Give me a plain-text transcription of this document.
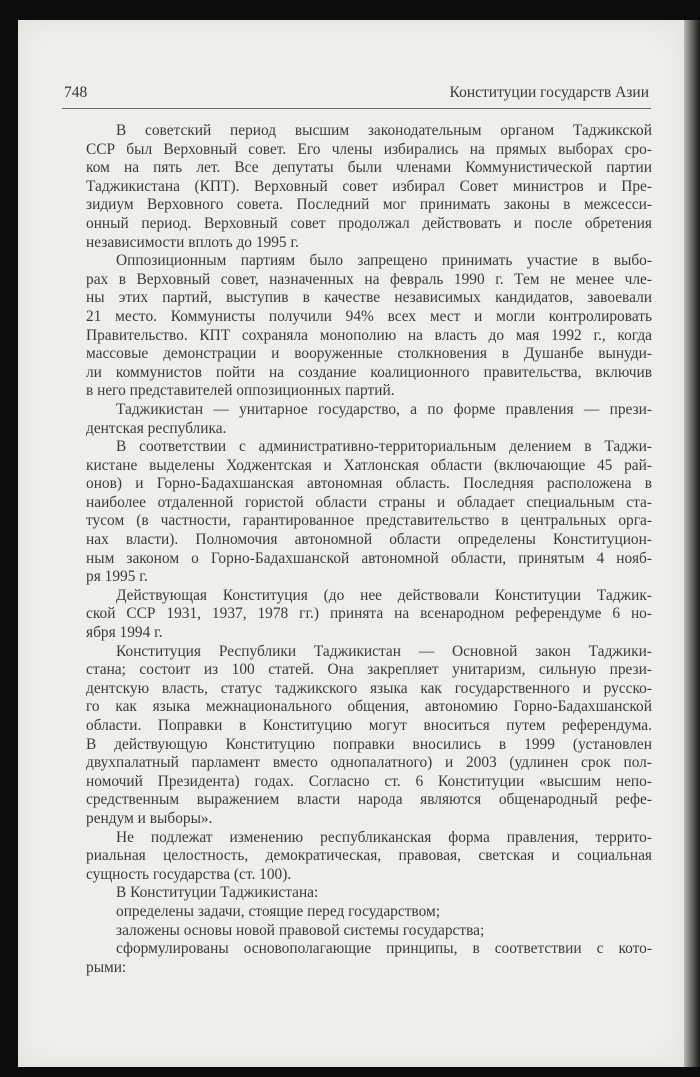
748	Конституции государств Азии
В советский период высшим законодательным органом Таджикской
ССР был Верховный совет. Его члены избирались на прямых выборах сро-
ком на пять лет. Все депутаты были членами Коммунистической партии
Таджикистана (КПТ). Верховный совет избирал Совет министров и Пре-
зидиум Верховного совета. Последний мог принимать законы в межсесси-
онный период. Верховный совет продолжал действовать и после обретения
независимости вплоть до 1995 г.
Оппозиционным партиям было запрещено принимать участие в выбо-
рах в Верховный совет, назначенных на февраль 1990 г. Тем не менее чле-
ны этих партий, выступив в качестве независимых кандидатов, завоевали
21 место. Коммунисты получили 94% всех мест и могли контролировать
Правительство. КПТ сохраняла монополию на власть до мая 1992 г., когда
массовые демонстрации и вооруженные столкновения в Душанбе вынуди-
ли коммунистов пойти на создание коалиционного правительства, включив
в него представителей оппозиционных партий.
Таджикистан — унитарное государство, а по форме правления — прези-
дентская республика.
В соответствии с административно-территориальным делением в Таджи-
кистане выделены Ходжентская и Хатлонская области (включающие 45 рай-
онов) и Горно-Бадахшанская автономная область. Последняя расположена в
наиболее отдаленной гористой области страны и обладает специальным ста-
тусом (в частности, гарантированное представительство в центральных орга-
нах власти). Полномочия автономной области определены Конституцион-
ным законом о Горно-Бадахшанской автономной области, принятым 4 нояб-
ря 1995 г.
Действующая Конституция (до нее действовали Конституции Таджик-
ской ССР 1931, 1937, 1978 гг.) принята на всенародном референдуме 6 но-
ября 1994 г.
Конституция Республики Таджикистан — Основной закон Таджики-
стана; состоит из 100 статей. Она закрепляет унитаризм, сильную прези-
дентскую власть, статус таджикского языка как государственного и русско-
го как языка межнационального общения, автономию Горно-Бадахшанской
области. Поправки в Конституцию могут вноситься путем референдума.
В действующую Конституцию поправки вносились в 1999 (установлен
двухпалатный парламент вместо однопалатного) и 2003 (удлинен срок пол-
номочий Президента) годах. Согласно ст. 6 Конституции «высшим непо-
средственным выражением власти народа являются общенародный рефе-
рендум и выборы».
Не подлежат изменению республиканская форма правления, террито-
риальная целостность, демократическая, правовая, светская и социальная
сущность государства (ст. 100).
В Конституции Таджикистана:
определены задачи, стоящие перед государством;
заложены основы новой правовой системы государства;
сформулированы основополагающие принципы, в соответствии с кото-
рыми:
